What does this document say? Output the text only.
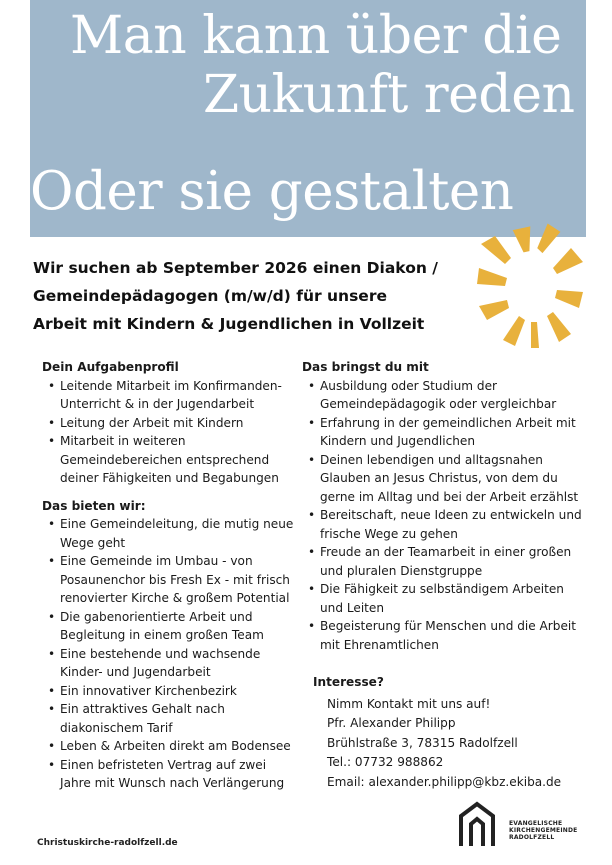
Man kann über die
Zukunft reden
Oder sie gestalten
Wir suchen ab September 2026 einen Diakon /
Gemeindepädagogen (m/w/d) für unsere
Arbeit mit Kindern & Jugendlichen in Vollzeit

Dein Aufgabenprofil

• Leitende Mitarbeit im Konfirmanden-
Unterricht & in der Jugendarbeit
• Leitung der Arbeit mit Kindern
• Mitarbeit in weiteren
Gemeindebereichen entsprechend
deiner Fähigkeiten und Begabungen

Das bieten wir:

• Eine Gemeindeleitung, die mutig neue
Wege geht
• Eine Gemeinde im Umbau - von
Posaunenchor bis Fresh Ex - mit frisch
renovierter Kirche & großem Potential
• Die gabenorientierte Arbeit und
Begleitung in einem großen Team
• Eine bestehende und wachsende
Kinder- und Jugendarbeit
• Ein innovativer Kirchenbezirk
• Ein attraktives Gehalt nach
diakonischem Tarif
• Leben & Arbeiten direkt am Bodensee
• Einen befristeten Vertrag auf zwei
Jahre mit Wunsch nach Verlängerung

Das bringst du mit

• Ausbildung oder Studium der
Gemeindepädagogik oder vergleichbar
• Erfahrung in der gemeindlichen Arbeit mit
Kindern und Jugendlichen
• Deinen lebendigen und alltagsnahen
Glauben an Jesus Christus, von dem du
gerne im Alltag und bei der Arbeit erzählst
• Bereitschaft, neue Ideen zu entwickeln und
frische Wege zu gehen
• Freude an der Teamarbeit in einer großen
und pluralen Dienstgruppe
• Die Fähigkeit zu selbständigem Arbeiten
und Leiten
• Begeisterung für Menschen und die Arbeit
mit Ehrenamtlichen
Interesse?
Nimm Kontakt mit uns auf!
Pfr. Alexander Philipp
Brühlstraße 3, 78315 Radolfzell
Tel.: 07732 988862
Email: alexander.philipp@kbz.ekiba.de
Christuskirche-radolfzell.de
EVANGELISCHE
KIRCHENGEMEINDE
RADOLFZELL
